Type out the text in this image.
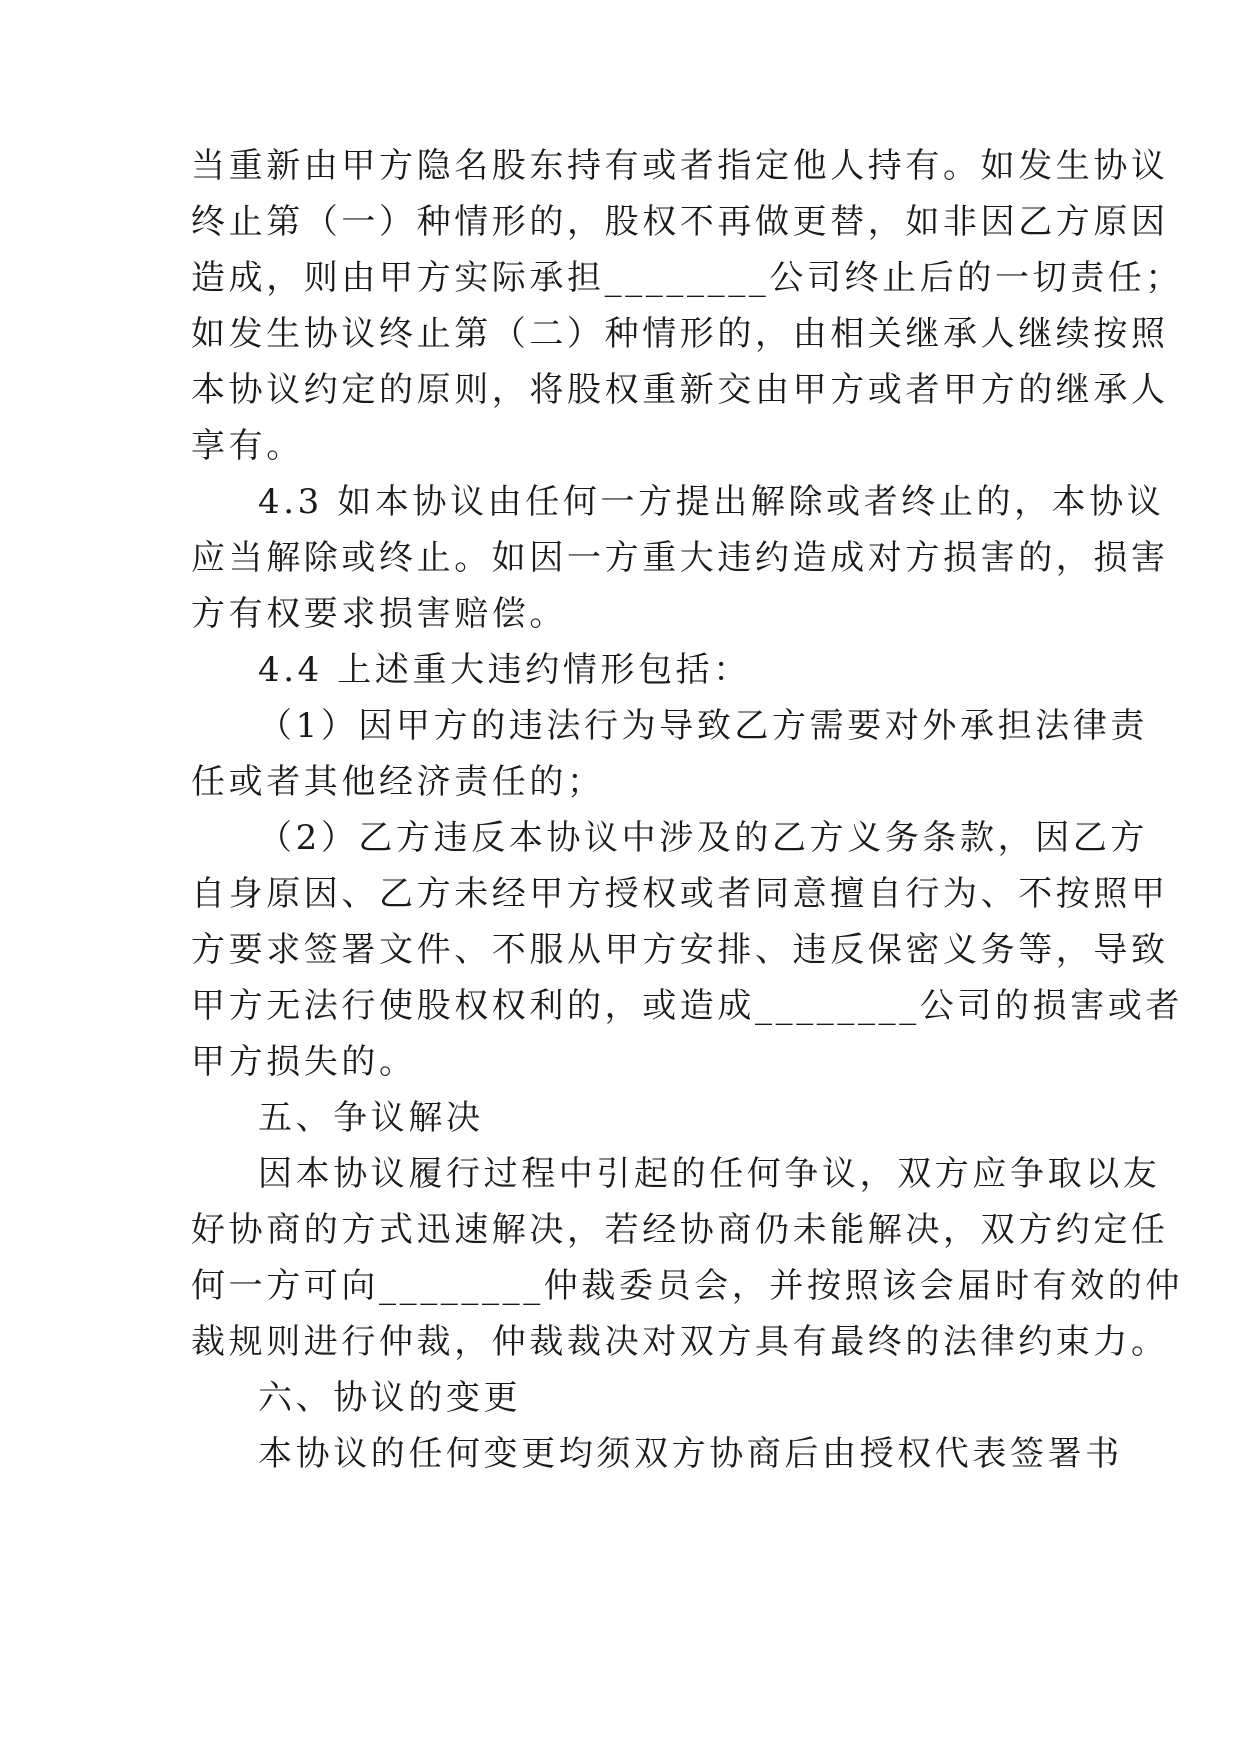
当重新由甲方隐名股东持有或者指定他人持有。如发生协议
终止第（一）种情形的，股权不再做更替，如非因乙方原因
造成，则由甲方实际承担________公司终止后的一切责任；
如发生协议终止第（二）种情形的，由相关继承人继续按照
本协议约定的原则，将股权重新交由甲方或者甲方的继承人
享有。
4.3 如本协议由任何一方提出解除或者终止的，本协议
应当解除或终止。如因一方重大违约造成对方损害的，损害
方有权要求损害赔偿。
4.4 上述重大违约情形包括：
（1）因甲方的违法行为导致乙方需要对外承担法律责
任或者其他经济责任的；
（2）乙方违反本协议中涉及的乙方义务条款，因乙方
自身原因、乙方未经甲方授权或者同意擅自行为、不按照甲
方要求签署文件、不服从甲方安排、违反保密义务等，导致
甲方无法行使股权权利的，或造成________公司的损害或者
甲方损失的。
五、争议解决
因本协议履行过程中引起的任何争议，双方应争取以友
好协商的方式迅速解决，若经协商仍未能解决，双方约定任
何一方可向________仲裁委员会，并按照该会届时有效的仲
裁规则进行仲裁，仲裁裁决对双方具有最终的法律约束力。
六、协议的变更
本协议的任何变更均须双方协商后由授权代表签署书
